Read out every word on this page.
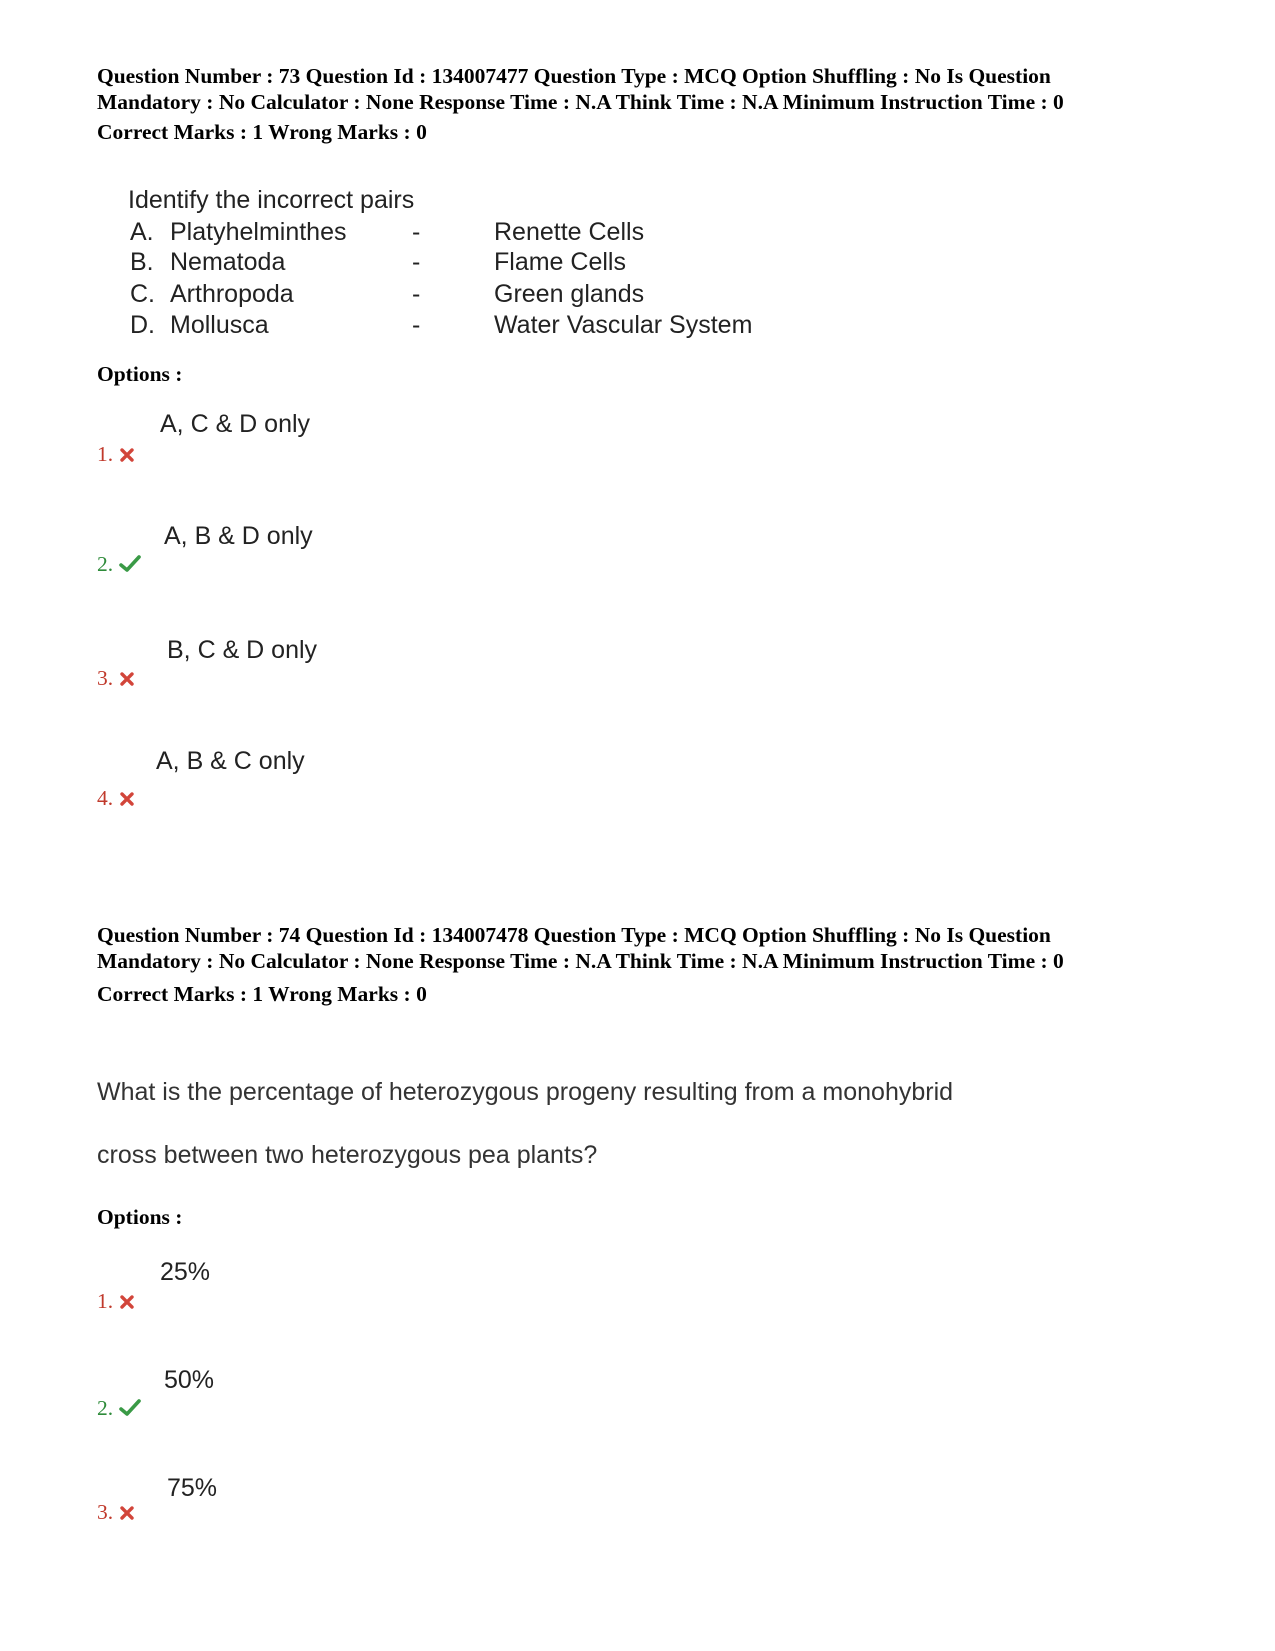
Question Number : 73 Question Id : 134007477 Question Type : MCQ Option Shuffling : No Is Question
Mandatory : No Calculator : None Response Time : N.A Think Time : N.A Minimum Instruction Time : 0
Correct Marks : 1 Wrong Marks : 0
Identify the incorrect pairs
A. Platyhelminthes	-	Renette Cells
B. Nematoda	-	Flame Cells
C. Arthropoda	-	Green glands
D. Mollusca	-	Water Vascular System
Options :
A, C & D only
1.
A, B & D only
2.
B, C & D only
3.
A, B & C only
4.
Question Number : 74 Question Id : 134007478 Question Type : MCQ Option Shuffling : No Is Question
Mandatory : No Calculator : None Response Time : N.A Think Time : N.A Minimum Instruction Time : 0
Correct Marks : 1 Wrong Marks : 0
What is the percentage of heterozygous progeny resulting from a monohybrid
cross between two heterozygous pea plants?
Options :
25%
1.
50%
2.
75%
3.
